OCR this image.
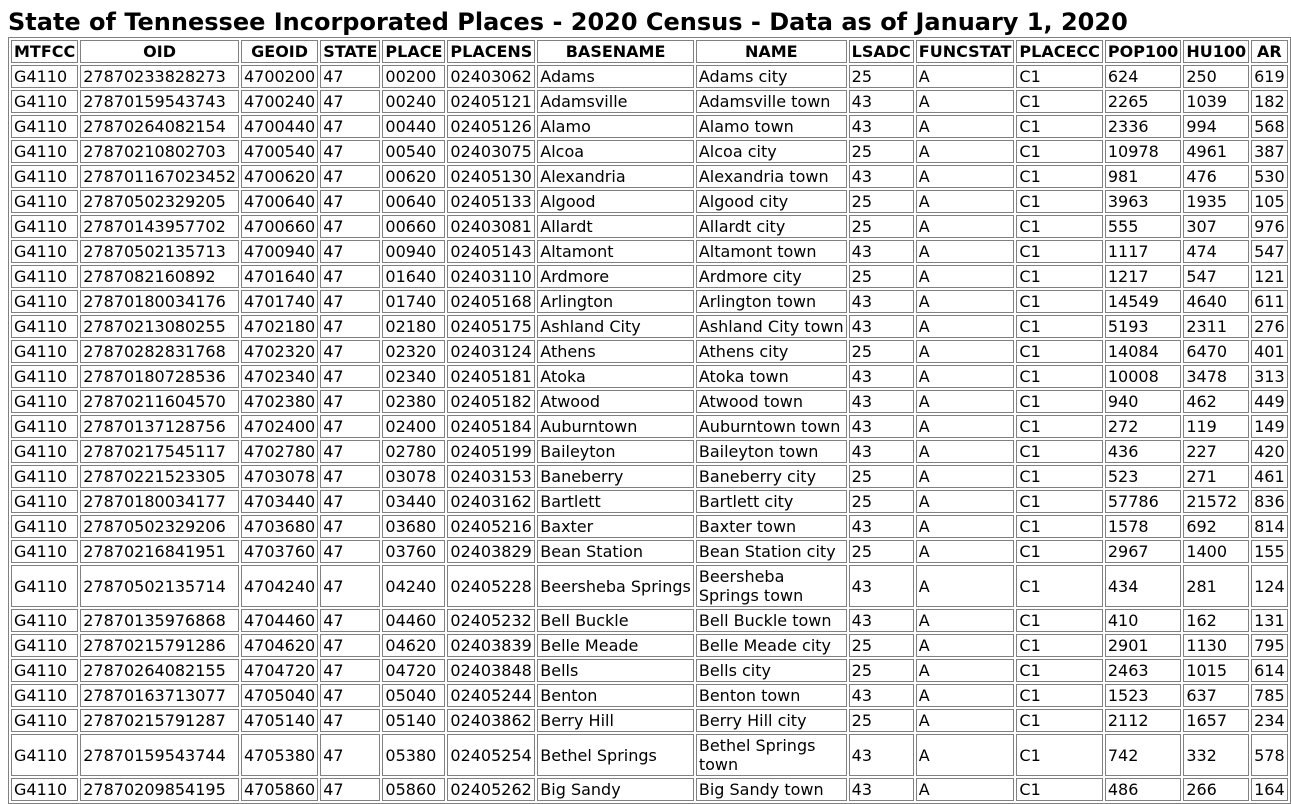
State of Tennessee Incorporated Places - 2020 Census - Data as of January 1, 2020
MTFCC	OID	GEOID	STATE	PLACE	PLACENS	BASENAME	NAME	LSADC	FUNCSTAT	PLACECC	POP100	HU100	AR
G4110	27870233828273	4700200	47	00200	02403062	Adams	Adams city	25	A	C1	624	250	619
G4110	27870159543743	4700240	47	00240	02405121	Adamsville	Adamsville town	43	A	C1	2265	1039	182
G4110	27870264082154	4700440	47	00440	02405126	Alamo	Alamo town	43	A	C1	2336	994	568
G4110	27870210802703	4700540	47	00540	02403075	Alcoa	Alcoa city	25	A	C1	10978	4961	387
G4110	278701167023452	4700620	47	00620	02405130	Alexandria	Alexandria town	43	A	C1	981	476	530
G4110	27870502329205	4700640	47	00640	02405133	Algood	Algood city	25	A	C1	3963	1935	105
G4110	27870143957702	4700660	47	00660	02403081	Allardt	Allardt city	25	A	C1	555	307	976
G4110	27870502135713	4700940	47	00940	02405143	Altamont	Altamont town	43	A	C1	1117	474	547
G4110	2787082160892	4701640	47	01640	02403110	Ardmore	Ardmore city	25	A	C1	1217	547	121
G4110	27870180034176	4701740	47	01740	02405168	Arlington	Arlington town	43	A	C1	14549	4640	611
G4110	27870213080255	4702180	47	02180	02405175	Ashland City	Ashland City town	43	A	C1	5193	2311	276
G4110	27870282831768	4702320	47	02320	02403124	Athens	Athens city	25	A	C1	14084	6470	401
G4110	27870180728536	4702340	47	02340	02405181	Atoka	Atoka town	43	A	C1	10008	3478	313
G4110	27870211604570	4702380	47	02380	02405182	Atwood	Atwood town	43	A	C1	940	462	449
G4110	27870137128756	4702400	47	02400	02405184	Auburntown	Auburntown town	43	A	C1	272	119	149
G4110	27870217545117	4702780	47	02780	02405199	Baileyton	Baileyton town	43	A	C1	436	227	420
G4110	27870221523305	4703078	47	03078	02403153	Baneberry	Baneberry city	25	A	C1	523	271	461
G4110	27870180034177	4703440	47	03440	02403162	Bartlett	Bartlett city	25	A	C1	57786	21572	836
G4110	27870502329206	4703680	47	03680	02405216	Baxter	Baxter town	43	A	C1	1578	692	814
G4110	27870216841951	4703760	47	03760	02403829	Bean Station	Bean Station city	25	A	C1	2967	1400	155
G4110	27870502135714	4704240	47	04240	02405228	Beersheba Springs	Beersheba Springs town	43	A	C1	434	281	124
G4110	27870135976868	4704460	47	04460	02405232	Bell Buckle	Bell Buckle town	43	A	C1	410	162	131
G4110	27870215791286	4704620	47	04620	02403839	Belle Meade	Belle Meade city	25	A	C1	2901	1130	795
G4110	27870264082155	4704720	47	04720	02403848	Bells	Bells city	25	A	C1	2463	1015	614
G4110	27870163713077	4705040	47	05040	02405244	Benton	Benton town	43	A	C1	1523	637	785
G4110	27870215791287	4705140	47	05140	02403862	Berry Hill	Berry Hill city	25	A	C1	2112	1657	234
G4110	27870159543744	4705380	47	05380	02405254	Bethel Springs	Bethel Springs town	43	A	C1	742	332	578
G4110	27870209854195	4705860	47	05860	02405262	Big Sandy	Big Sandy town	43	A	C1	486	266	164
